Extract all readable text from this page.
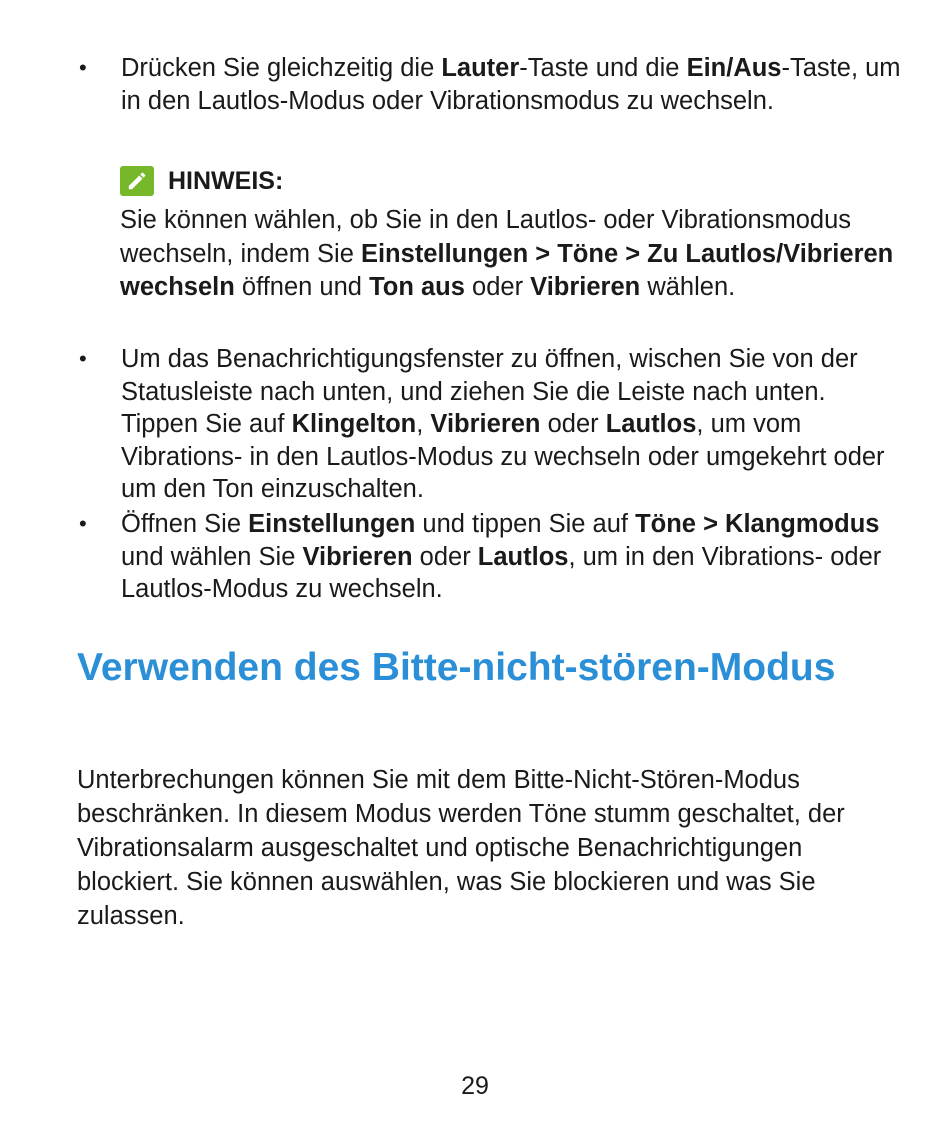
• Drücken Sie gleichzeitig die Lauter-Taste und die Ein/Aus-Taste, um in den Lautlos-Modus oder Vibrationsmodus zu wechseln.
HINWEIS:
Sie können wählen, ob Sie in den Lautlos- oder Vibrationsmodus wechseln, indem Sie Einstellungen > Töne > Zu Lautlos/Vibrieren wechseln öffnen und Ton aus oder Vibrieren wählen.
• Um das Benachrichtigungsfenster zu öffnen, wischen Sie von der Statusleiste nach unten, und ziehen Sie die Leiste nach unten. Tippen Sie auf Klingelton, Vibrieren oder Lautlos, um vom Vibrations- in den Lautlos-Modus zu wechseln oder umgekehrt oder um den Ton einzuschalten.
• Öffnen Sie Einstellungen und tippen Sie auf Töne > Klangmodus und wählen Sie Vibrieren oder Lautlos, um in den Vibrations- oder Lautlos-Modus zu wechseln.
Verwenden des Bitte-nicht-stören-Modus
Unterbrechungen können Sie mit dem Bitte-Nicht-Stören-Modus beschränken. In diesem Modus werden Töne stumm geschaltet, der Vibrationsalarm ausgeschaltet und optische Benachrichtigungen blockiert. Sie können auswählen, was Sie blockieren und was Sie zulassen.
29
